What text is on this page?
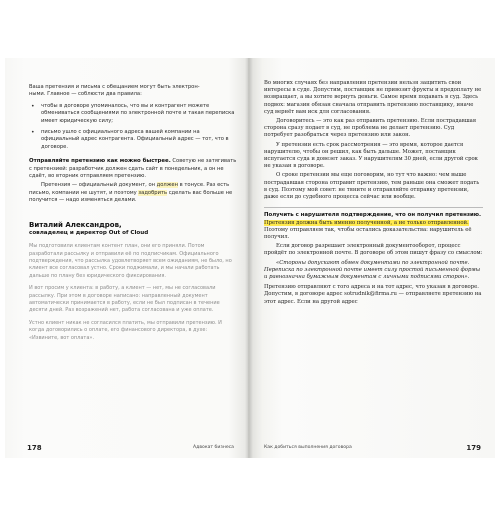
Ваша претензия и письма с обещанием могут быть электрон-
ными. Главное — соблюсти два правила:
• чтобы в договоре упоминалось, что вы и контрагент можете обмениваться сообщениями по электронной почте и такая переписка имеет юридическую силу;
• письмо ушло с официального адреса вашей компании на официальный адрес контрагента. Официальный адрес — тот, что в договоре.

Отправляйте претензию как можно быстрее. Советую не затягивать с претензией: разработчик должен сдать сайт в понедельник, а он не сдаёт, во вторник отправляем претензию.

Претензия — официальный документ, он должен в тонусе. Раз есть письмо, компании не шутят, и поэтому задобрить сделать вас больше не получится — надо изменяться делами.

Виталий Александров,
совладелец и директор Out of Cloud

Мы подготовили клиентам контент план, они его приняли. Потом разработали рассылку и отправили её по подписчикам. Официального подтверждения, что рассылка удовлетворяет всем ожиданиям, не было, но клиент все согласовал устно. Сроки поджимали, и мы начали работать дальше по плану без юридического фиксирования.

И вот просим у клиента: в работу, а клиент — нет, мы не согласовали рассылку. При этом в договоре написано: направленный документ автоматически принимается в работу, если не был подписан в течение десяти дней. Раз возражений нет, работа согласована и уже оплате.

Устно клиент никак не согласился платить, мы отправили претензию. И когда договорились о оплате, его финансового директора, в духе: «Извините, вот оплата».

178	Адвокат бизнеса

Во многих случаях без направления претензии нельзя защитить свои интересы в суде. Допустим, поставщик не привозит фрукты и предоплату не возвращает, а вы хотите вернуть деньги. Самое время подавать в суд. Здесь подвох: магазин обязан сначала отправить претензию поставщику, иначе суд вернёт вам иск для согласования.

Договоритесь — это как раз отправить претензию. Если пострадавшая сторона сразу подает в суд, не проблема не делает претензию. Суд потребует разобраться через претензию или закон.

У претензии есть срок рассмотрения — это время, которое дается нарушителю, чтобы он решил, как быть дальше. Может, поставщик испугается суда и довезет заказ. У нарушителям 30 дней, если другой срок не указан в договоре.

О сроке претензии мы еще поговорим, но тут что важно: чем выше пострадавшая сторона отправит претензию, тем раньше она сможет подать в суд. Поэтому мой совет: не тяните и отправляйте отправку претензии, даже если до судебного процесса сейчас или вообще.

Получить с нарушителя подтверждение, что он получил претензию. Претензия должна быть именно полученной, а не только отправленной. Поэтому отправляем так, чтобы остались доказательства: нарушитель её получил.

Если договор разрешает электронный документооборот, процесс пройдёт по электронной почте. В договоре об этом пишут фразу со смыслом:

«Стороны допускают обмен документами по электронной почте. Переписка по электронной почте имеет силу простой письменной формы и равнозначна бумажным документам с личными подписями сторон».

Претензию отправляют с того адреса и на тот адрес, что указан в договоре. Допустим, в договоре адрес sotrudnik@firma.ru — отправляете претензию на этот адрес. Если на другой адрес

Как добиться выполнения договора	179
